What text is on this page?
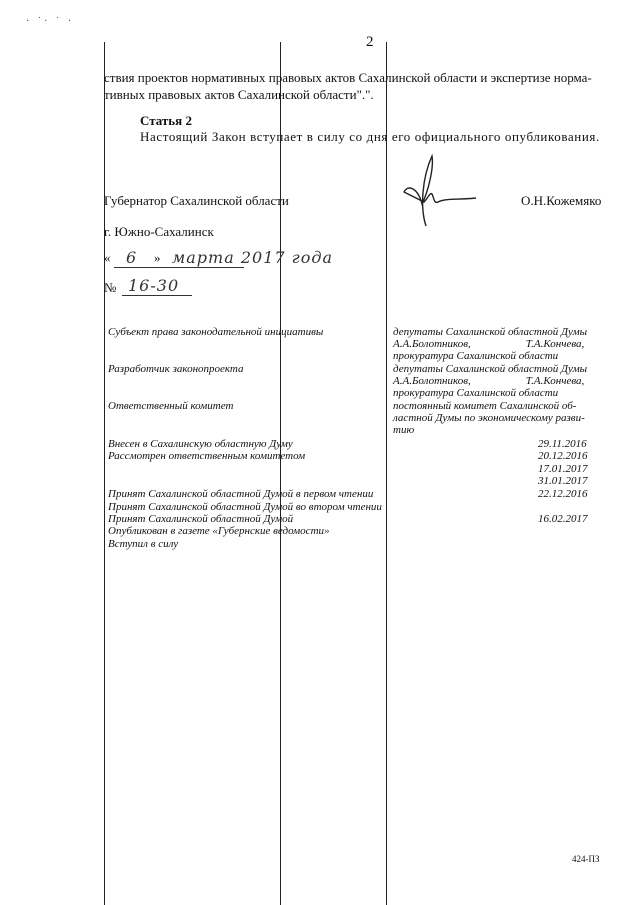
· ˙· ˙ ·
2
ствия проектов нормативных правовых актов Сахалинской области и экспертизе норма-
тивных правовых актов Сахалинской области".".
Статья 2
Настоящий Закон вступает в силу со дня его официального опубликования.
Губернатор Сахалинской области	О.Н.Кожемяко
г. Южно-Сахалинск
« 6 » марта 2017 года
№ 16-30
Субъект права законодательной инициативы	депутаты Сахалинской областной Думы
А.А.Болотников,                    Т.А.Кончева,
прокуратура Сахалинской области
Разработчик законопроекта	депутаты Сахалинской областной Думы
А.А.Болотников,                    Т.А.Кончева,
прокуратура Сахалинской области
Ответственный комитет	постоянный комитет Сахалинской об-
ластной Думы по экономическому разви-
тию
Внесен в Сахалинскую областную Думу	29.11.2016
Рассмотрен ответственным комитетом	20.12.2016
17.01.2017
31.01.2017
Принят Сахалинской областной Думой в первом чтении	22.12.2016
Принят Сахалинской областной Думой во втором чтении
Принят Сахалинской областной Думой	16.02.2017
Опубликован в газете «Губернские ведомости»
Вступил в силу
424-ПЗ
